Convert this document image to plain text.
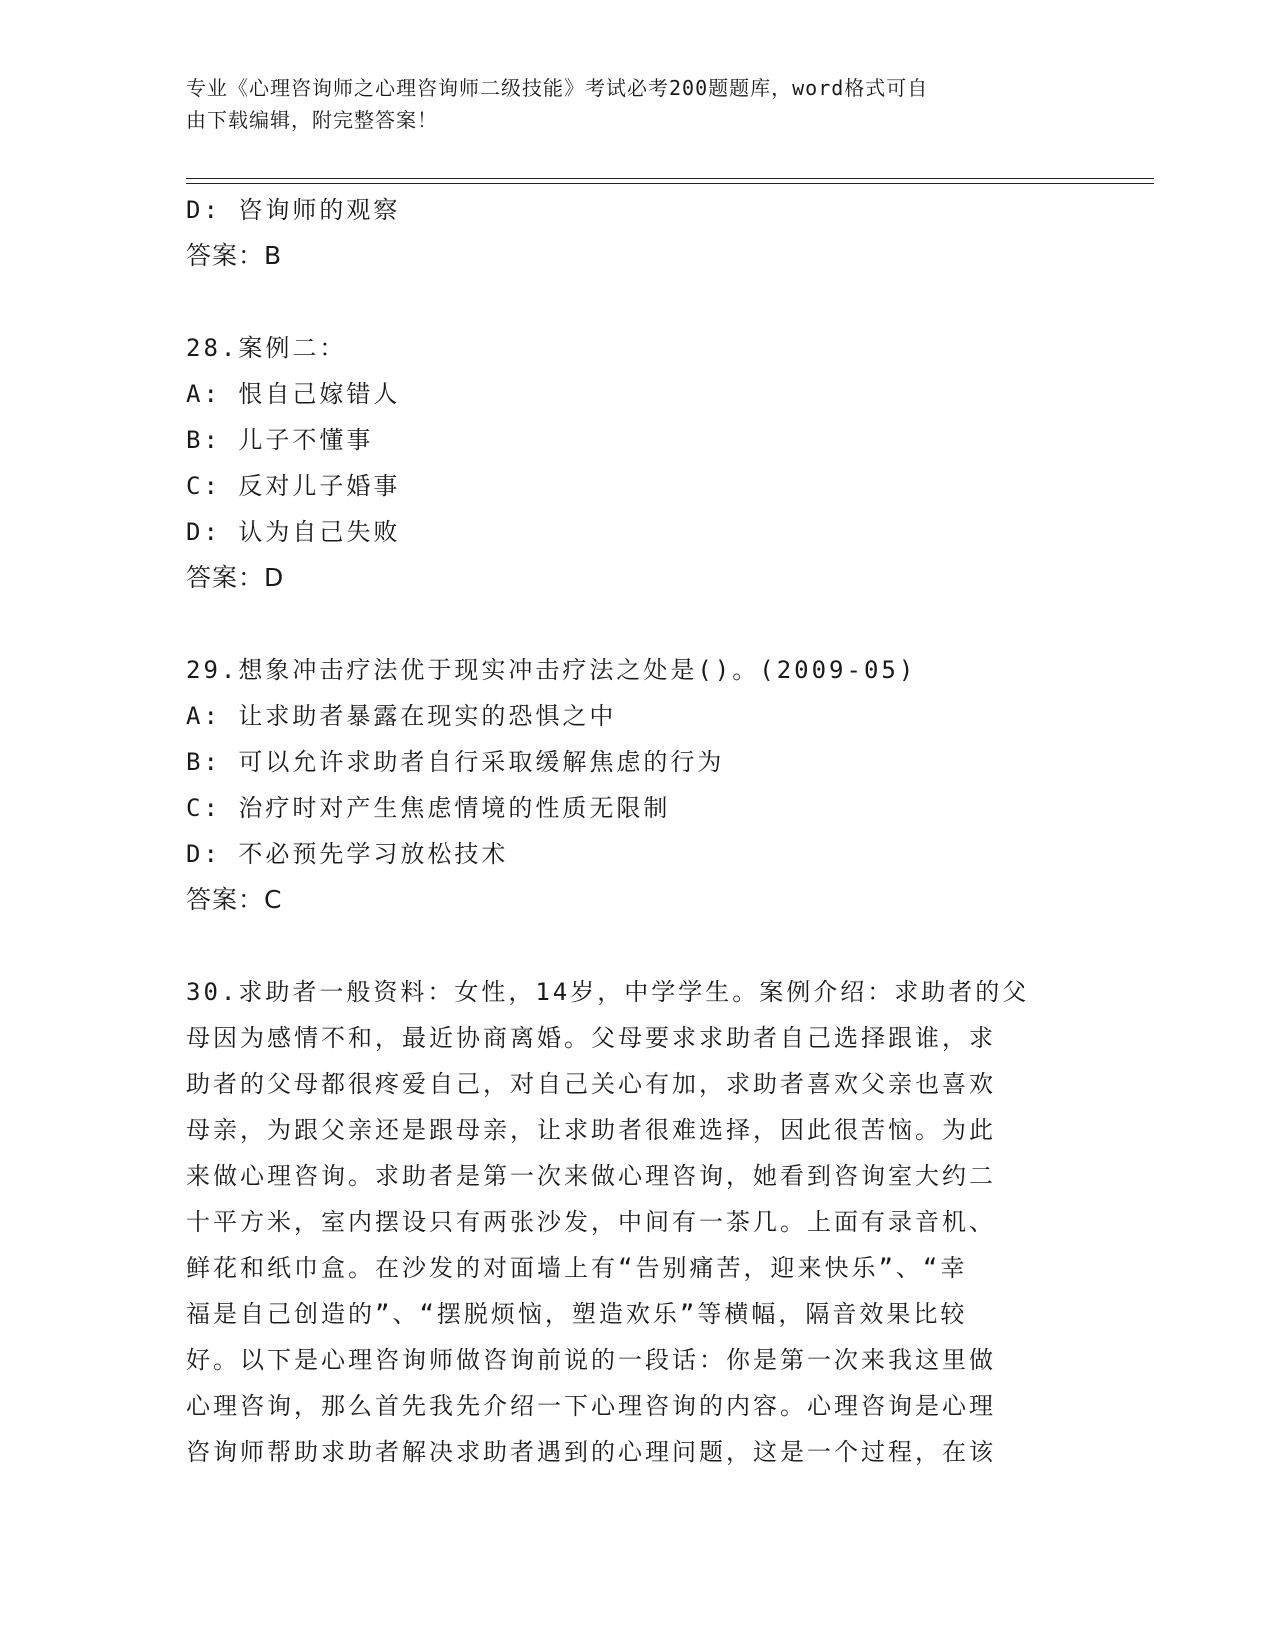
专业《心理咨询师之心理咨询师二级技能》考试必考200题题库，word格式可自
由下载编辑，附完整答案！
D: 咨询师的观察
答案：B
28.案例二：
A: 恨自己嫁错人
B: 儿子不懂事
C: 反对儿子婚事
D: 认为自己失败
答案：D
29.想象冲击疗法优于现实冲击疗法之处是()。(2009-05)
A: 让求助者暴露在现实的恐惧之中
B: 可以允许求助者自行采取缓解焦虑的行为
C: 治疗时对产生焦虑情境的性质无限制
D: 不必预先学习放松技术
答案：C
30.求助者一般资料：女性，14岁，中学学生。案例介绍：求助者的父
母因为感情不和，最近协商离婚。父母要求求助者自己选择跟谁，求
助者的父母都很疼爱自己，对自己关心有加，求助者喜欢父亲也喜欢
母亲，为跟父亲还是跟母亲，让求助者很难选择，因此很苦恼。为此
来做心理咨询。求助者是第一次来做心理咨询，她看到咨询室大约二
十平方米，室内摆设只有两张沙发，中间有一茶几。上面有录音机、
鲜花和纸巾盒。在沙发的对面墙上有“告别痛苦，迎来快乐”、“幸
福是自己创造的”、“摆脱烦恼，塑造欢乐”等横幅，隔音效果比较
好。以下是心理咨询师做咨询前说的一段话：你是第一次来我这里做
心理咨询，那么首先我先介绍一下心理咨询的内容。心理咨询是心理
咨询师帮助求助者解决求助者遇到的心理问题，这是一个过程，在该
